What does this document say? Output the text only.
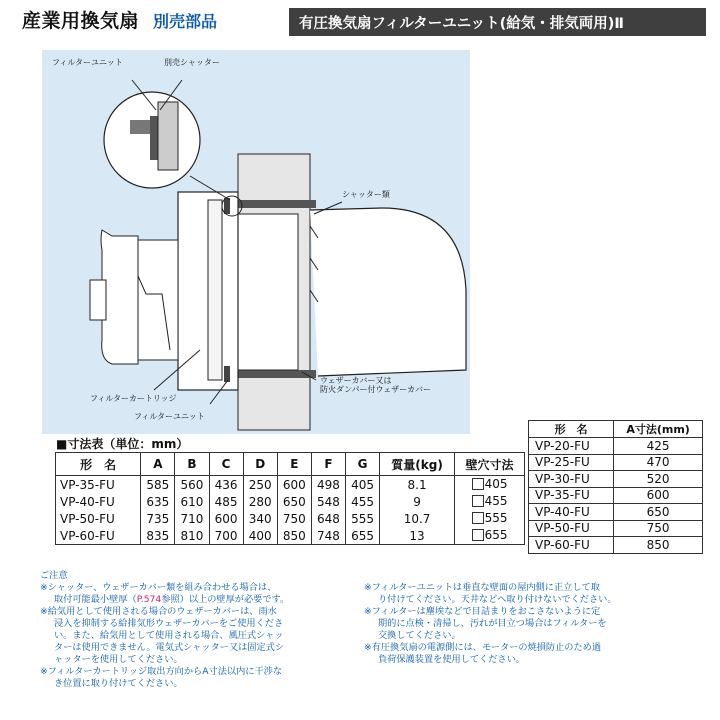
産業用換気扇 別売部品	有圧換気扇フィルターユニット(給気・排気両用)Ⅱ
フィルターユニット	別売シャッター
シャッター類
ウェザーカバー又は
防火ダンパー付ウェザーカバー
フィルターカートリッジ
フィルターユニット
形　名	A寸法(mm)
VP-20-FU	425
VP-25-FU	470
VP-30-FU	520
VP-35-FU	600
VP-40-FU	650
VP-50-FU	750
VP-60-FU	850
■寸法表（単位：mm）
形　名	A	B	C	D	E	F	G	質量(kg)	壁穴寸法
VP-35-FU	585	560	436	250	600	498	405	8.1	405

VP-40-FU	635	610	485	280	650	548	455	9	455

VP-50-FU	735	710	600	340	750	648	555	10.7	555

VP-60-FU	835	810	700	400	850	748	655	13	655

ご注意

※シャッター、ウェザーカバー類を組み合わせる場合は、

取付可能最小壁厚（P.574参照）以上の壁厚が必要です。

※給気用として使用される場合のウェザーカバーは、雨水

浸入を抑制する給排気形ウェザーカバーをご使用くださ

い。また、給気用として使用される場合、風圧式シャッ

ターは使用できません。電気式シャッター又は固定式シ

ャッターを使用してください。

※フィルターカートリッジ取出方向からA寸法以内に干渉な

き位置に取り付けてください。

※フィルターユニットは垂直な壁面の屋内側に正立して取

り付けてください。天井などへ取り付けないでください。

※フィルターは塵埃などで目詰まりをおこさないように定

期的に点検・清掃し、汚れが目立つ場合はフィルターを

交換してください。

※有圧換気扇の電源側には、モーターの焼損防止のため過

負荷保護装置を使用してください。
